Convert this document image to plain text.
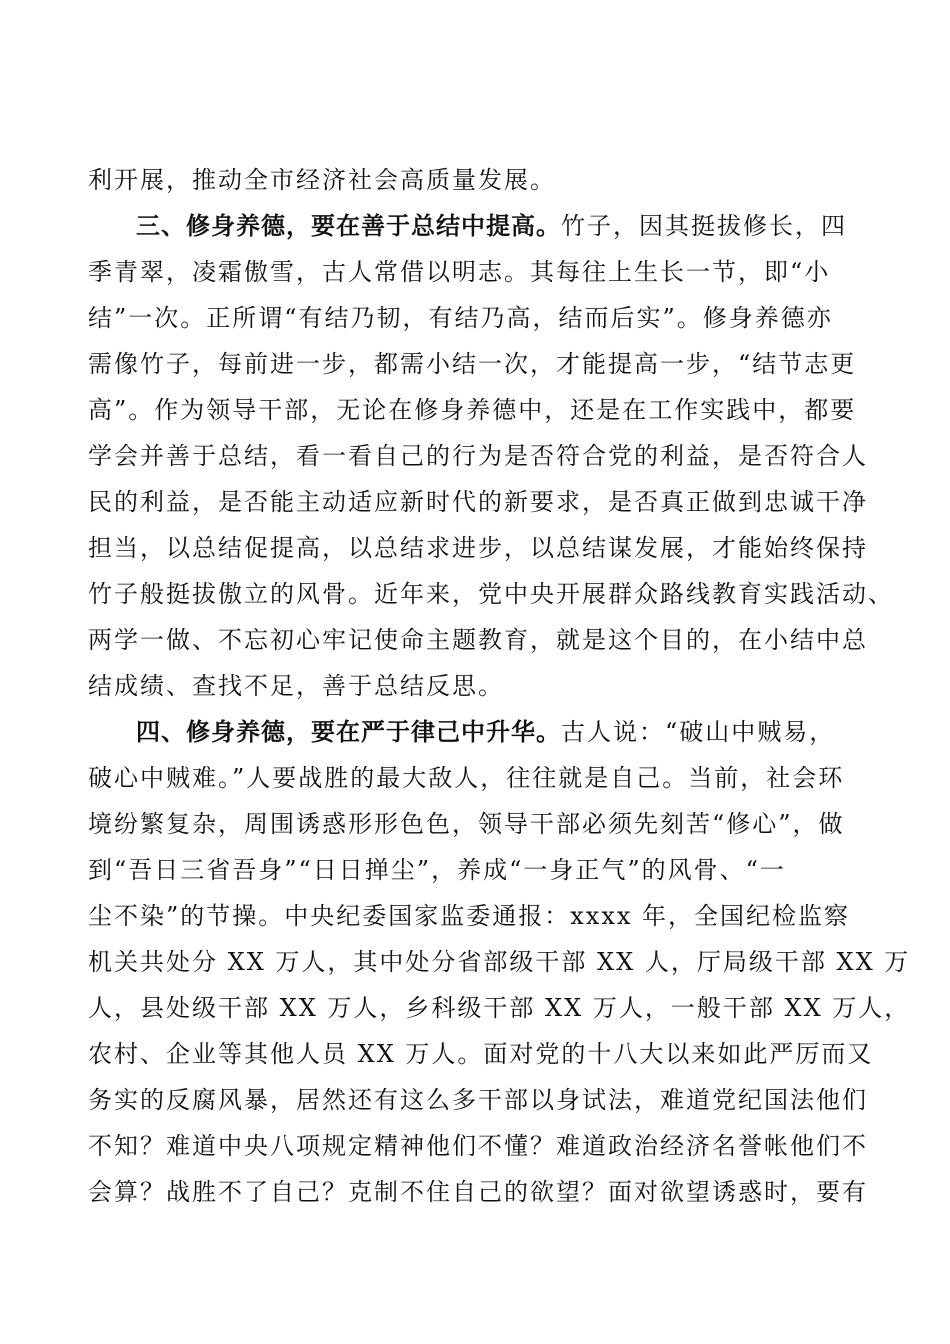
利开展，推动全市经济社会高质量发展。
三、修身养德，要在善于总结中提高。竹子，因其挺拔修长，四
季青翠，凌霜傲雪，古人常借以明志。其每往上生长一节，即“小
结”一次。正所谓“有结乃韧，有结乃高，结而后实”。修身养德亦
需像竹子，每前进一步，都需小结一次，才能提高一步，“结节志更
高”。作为领导干部，无论在修身养德中，还是在工作实践中，都要
学会并善于总结，看一看自己的行为是否符合党的利益，是否符合人
民的利益，是否能主动适应新时代的新要求，是否真正做到忠诚干净
担当，以总结促提高，以总结求进步，以总结谋发展，才能始终保持
竹子般挺拔傲立的风骨。近年来，党中央开展群众路线教育实践活动、
两学一做、不忘初心牢记使命主题教育，就是这个目的，在小结中总
结成绩、查找不足，善于总结反思。
四、修身养德，要在严于律己中升华。古人说：“破山中贼易，
破心中贼难。”人要战胜的最大敌人，往往就是自己。当前，社会环
境纷繁复杂，周围诱惑形形色色，领导干部必须先刻苦“修心”，做
到“吾日三省吾身”“日日掸尘”，养成“一身正气”的风骨、“一
尘不染”的节操。中央纪委国家监委通报：xxxx 年，全国纪检监察
机关共处分 XX 万人，其中处分省部级干部 XX 人，厅局级干部 XX 万
人，县处级干部 XX 万人，乡科级干部 XX 万人，一般干部 XX 万人，
农村、企业等其他人员 XX 万人。面对党的十八大以来如此严厉而又
务实的反腐风暴，居然还有这么多干部以身试法，难道党纪国法他们
不知？难道中央八项规定精神他们不懂？难道政治经济名誉帐他们不
会算？战胜不了自己？克制不住自己的欲望？面对欲望诱惑时，要有
